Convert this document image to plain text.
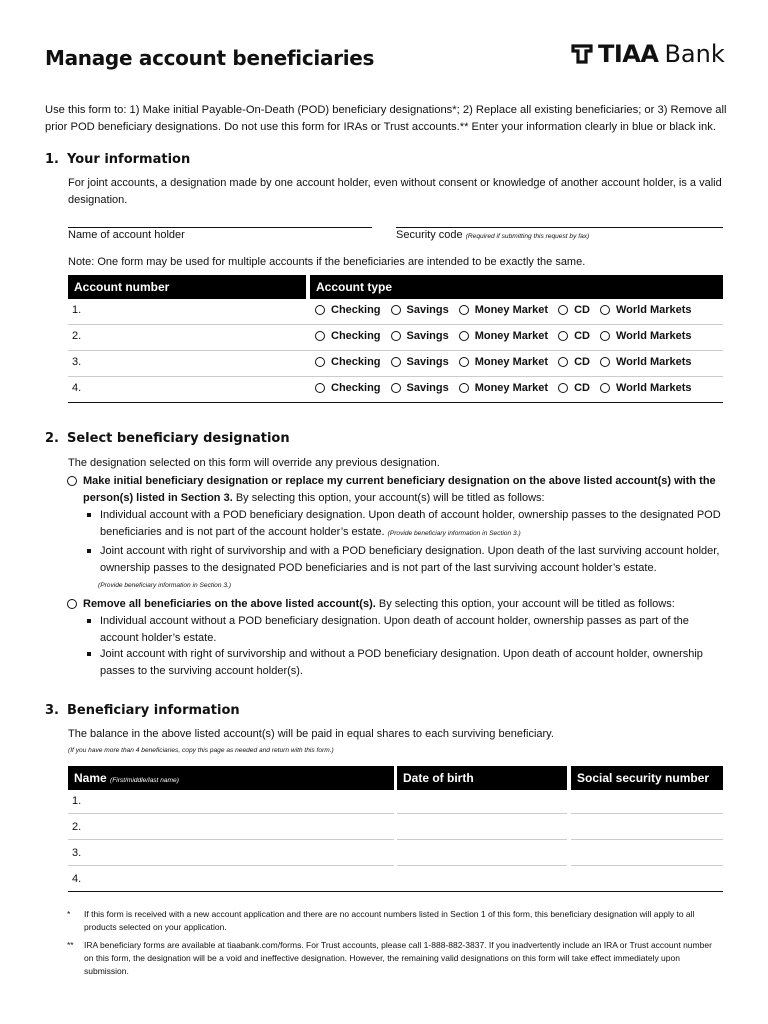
Manage account beneficiaries	TIAA Bank
Use this form to: 1) Make initial Payable-On-Death (POD) beneficiary designations*; 2) Replace all existing beneficiaries; or 3) Remove all prior POD beneficiary designations. Do not use this form for IRAs or Trust accounts.** Enter your information clearly in blue or black ink.
1. Your information
For joint accounts, a designation made by one account holder, even without consent or knowledge of another account holder, is a valid designation.
Name of account holder	Security code (Required if submitting this request by fax)
Note: One form may be used for multiple accounts if the beneficiaries are intended to be exactly the same.
Account number	Account type
1.	Checking Savings Money Market CD World Markets
2.	Checking Savings Money Market CD World Markets
3.	Checking Savings Money Market CD World Markets
4.	Checking Savings Money Market CD World Markets
2. Select beneficiary designation
The designation selected on this form will override any previous designation.
Make initial beneficiary designation or replace my current beneficiary designation on the above listed account(s) with the person(s) listed in Section 3. By selecting this option, your account(s) will be titled as follows:
Individual account with a POD beneficiary designation. Upon death of account holder, ownership passes to the designated POD beneficiaries and is not part of the account holder’s estate. (Provide beneficiary information in Section 3.)
Joint account with right of survivorship and with a POD beneficiary designation. Upon death of the last surviving account holder, ownership passes to the designated POD beneficiaries and is not part of the last surviving account holder’s estate.
(Provide beneficiary information in Section 3.)
Remove all beneficiaries on the above listed account(s). By selecting this option, your account will be titled as follows:
Individual account without a POD beneficiary designation. Upon death of account holder, ownership passes as part of the account holder’s estate.
Joint account with right of survivorship and without a POD beneficiary designation. Upon death of account holder, ownership passes to the surviving account holder(s).
3. Beneficiary information
The balance in the above listed account(s) will be paid in equal shares to each surviving beneficiary.
(If you have more than 4 beneficiaries, copy this page as needed and return with this form.)
Name (First/middle/last name)	Date of birth	Social security number
1.
2.
3.
4.
*	If this form is received with a new account application and there are no account numbers listed in Section 1 of this form, this beneficiary designation will apply to all products selected on your application.
**	IRA beneficiary forms are available at tiaabank.com/forms. For Trust accounts, please call 1-888-882-3837. If you inadvertently include an IRA or Trust account number on this form, the designation will be a void and ineffective designation. However, the remaining valid designations on this form will take effect immediately upon submission.
